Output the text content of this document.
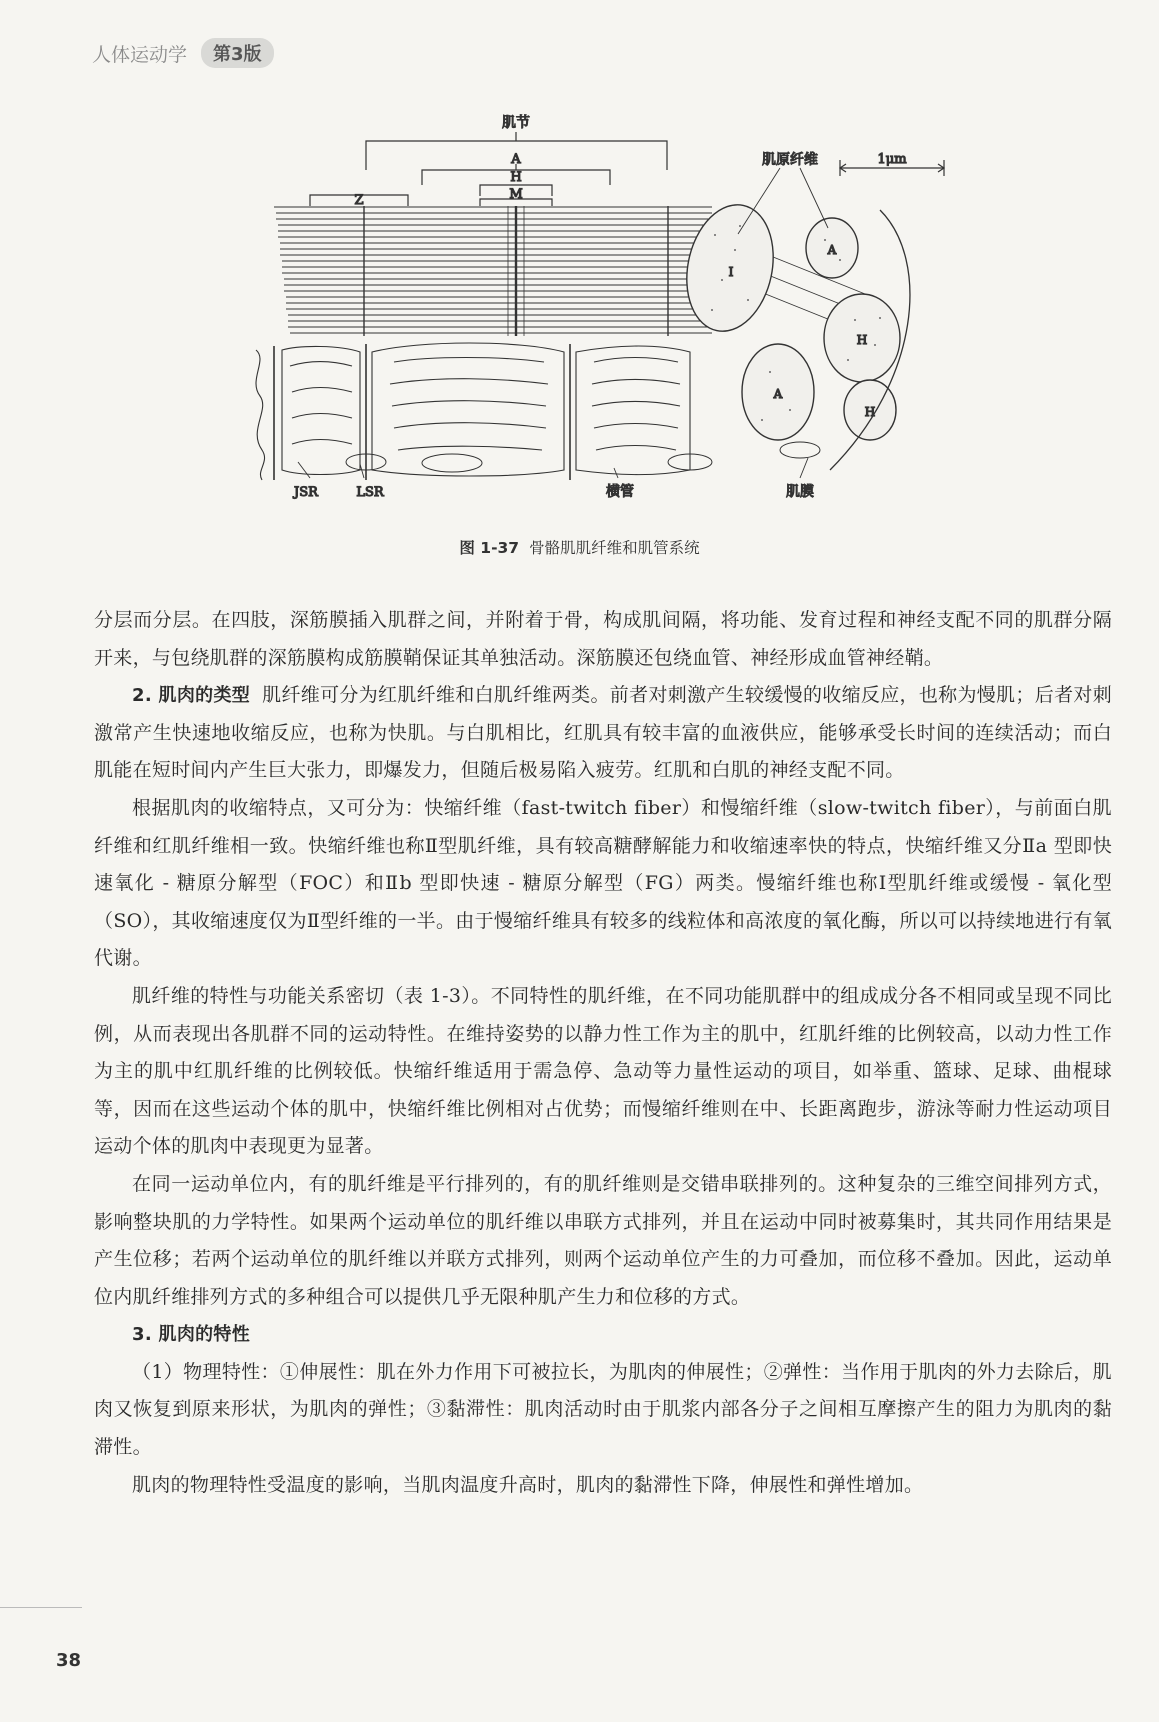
人体运动学	第3版
肌节
A
H
M
Z
肌原纤维	1μm
I
A
H
A
H
JSR	LSR	横管	肌膜
图 1-37 骨骼肌肌纤维和肌管系统

分层而分层。在四肢，深筋膜插入肌群之间，并附着于骨，构成肌间隔，将功能、发育过程和神经支配不同的肌群分隔开来，与包绕肌群的深筋膜构成筋膜鞘保证其单独活动。深筋膜还包绕血管、神经形成血管神经鞘。

2. 肌肉的类型 肌纤维可分为红肌纤维和白肌纤维两类。前者对刺激产生较缓慢的收缩反应，也称为慢肌；后者对刺激常产生快速地收缩反应，也称为快肌。与白肌相比，红肌具有较丰富的血液供应，能够承受长时间的连续活动；而白肌能在短时间内产生巨大张力，即爆发力，但随后极易陷入疲劳。红肌和白肌的神经支配不同。

根据肌肉的收缩特点，又可分为：快缩纤维（fast-twitch fiber）和慢缩纤维（slow-twitch fiber），与前面白肌纤维和红肌纤维相一致。快缩纤维也称Ⅱ型肌纤维，具有较高糖酵解能力和收缩速率快的特点，快缩纤维又分Ⅱa 型即快速氧化 - 糖原分解型（FOC）和Ⅱb 型即快速 - 糖原分解型（FG）两类。慢缩纤维也称Ⅰ型肌纤维或缓慢 - 氧化型（SO），其收缩速度仅为Ⅱ型纤维的一半。由于慢缩纤维具有较多的线粒体和高浓度的氧化酶，所以可以持续地进行有氧代谢。

肌纤维的特性与功能关系密切（表 1-3）。不同特性的肌纤维，在不同功能肌群中的组成成分各不相同或呈现不同比例，从而表现出各肌群不同的运动特性。在维持姿势的以静力性工作为主的肌中，红肌纤维的比例较高，以动力性工作为主的肌中红肌纤维的比例较低。快缩纤维适用于需急停、急动等力量性运动的项目，如举重、篮球、足球、曲棍球等，因而在这些运动个体的肌中，快缩纤维比例相对占优势；而慢缩纤维则在中、长距离跑步，游泳等耐力性运动项目运动个体的肌肉中表现更为显著。

在同一运动单位内，有的肌纤维是平行排列的，有的肌纤维则是交错串联排列的。这种复杂的三维空间排列方式，影响整块肌的力学特性。如果两个运动单位的肌纤维以串联方式排列，并且在运动中同时被募集时，其共同作用结果是产生位移；若两个运动单位的肌纤维以并联方式排列，则两个运动单位产生的力可叠加，而位移不叠加。因此，运动单位内肌纤维排列方式的多种组合可以提供几乎无限种肌产生力和位移的方式。

3. 肌肉的特性

（1）物理特性：①伸展性：肌在外力作用下可被拉长，为肌肉的伸展性；②弹性：当作用于肌肉的外力去除后，肌肉又恢复到原来形状，为肌肉的弹性；③黏滞性：肌肉活动时由于肌浆内部各分子之间相互摩擦产生的阻力为肌肉的黏滞性。

肌肉的物理特性受温度的影响，当肌肉温度升高时，肌肉的黏滞性下降，伸展性和弹性增加。

38
